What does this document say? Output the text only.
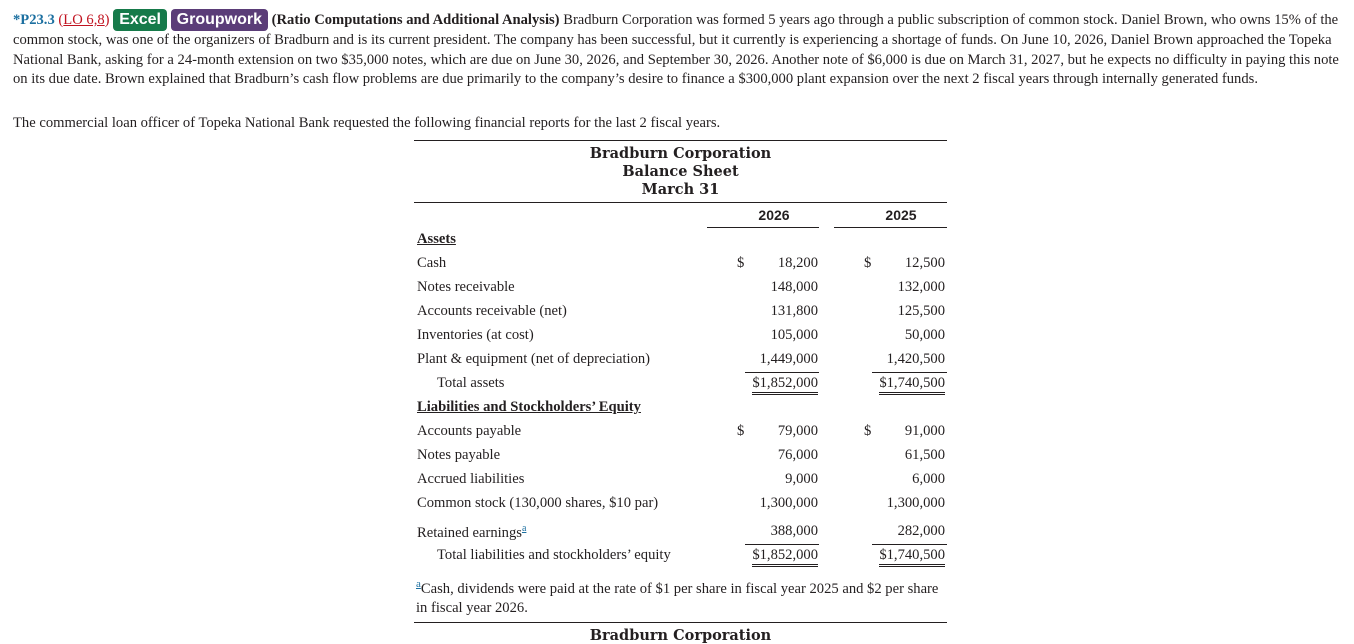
*P23.3 (LO 6,8) Excel Groupwork (Ratio Computations and Additional Analysis) Bradburn Corporation was formed 5 years ago through a public subscription of common stock. Daniel Brown, who owns 15% of the common stock, was one of the organizers of Bradburn and is its current president. The company has been successful, but it currently is experiencing a shortage of funds. On June 10, 2026, Daniel Brown approached the Topeka National Bank, asking for a 24-month extension on two $35,000 notes, which are due on June 30, 2026, and September 30, 2026. Another note of $6,000 is due on March 31, 2027, but he expects no difficulty in paying this note on its due date. Brown explained that Bradburn’s cash flow problems are due primarily to the company’s desire to finance a $300,000 plant expansion over the next 2 fiscal years through internally generated funds.
The commercial loan officer of Topeka National Bank requested the following financial reports for the last 2 fiscal years.
Bradburn Corporation
Balance Sheet
March 31
2026	2025
Assets
Cash	$ 18,200	$ 12,500
Notes receivable	148,000	132,000
Accounts receivable (net)	131,800	125,500
Inventories (at cost)	105,000	50,000
Plant & equipment (net of depreciation)	1,449,000	1,420,500
Total assets	$1,852,000	$1,740,500
Liabilities and Stockholders’ Equity
Accounts payable	$ 79,000	$ 91,000
Notes payable	76,000	61,500
Accrued liabilities	9,000	6,000
Common stock (130,000 shares, $10 par)	1,300,000	1,300,000
Retained earnings$^a$	388,000	282,000
Total liabilities and stockholders’ equity	$1,852,000	$1,740,500
$^a$Cash, dividends were paid at the rate of $1 per share in fiscal year 2025 and $2 per share in fiscal year 2026.
Bradburn Corporation
